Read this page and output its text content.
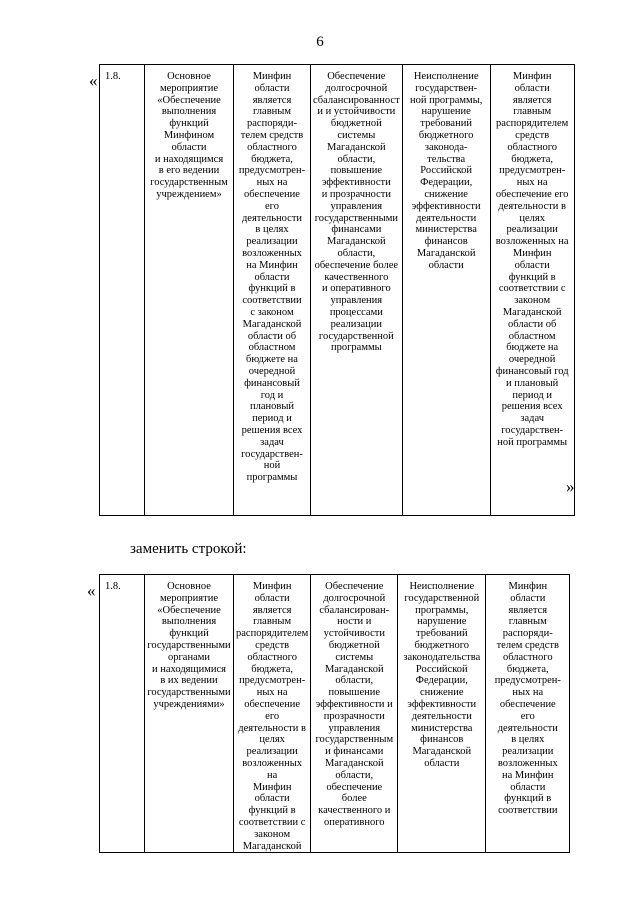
6
« 1.8.	Основное
мероприятие
«Обеспечение
выполнения функций
Минфином области
и находящимся
в его ведении
государственным
учреждением»

Минфин
области
является
главным
распоряди-
телем средств
областного
бюджета,
предусмотрен-
ных на
обеспечение
его
деятельности
в целях
реализации
возложенных
на Минфин
области
функций в
соответствии
с законом
Магаданской
области об
областном
бюджете на
очередной
финансовый
год и
плановый
период и
решения всех
задач
государствен-
ной
программы

Обеспечение
долгосрочной
сбалансированност
и и устойчивости
бюджетной
системы
Магаданской
области,
повышение
эффективности
и прозрачности
управления
государственными
финансами
Магаданской
области,
обеспечение более
качественного
и оперативного
управления
процессами
реализации
государственной
программы

Неисполнение
государствен-
ной программы,
нарушение
требований
бюджетного
законода-
тельства
Российской
Федерации,
снижение
эффективности
деятельности
министерства
финансов
Магаданской
области

Минфин
области
является
главным
распорядителем
средств
областного
бюджета,
предусмотрен-
ных на
обеспечение его
деятельности в
целях
реализации
возложенных на
Минфин
области
функций в
соответствии с
законом
Магаданской
области об
областном
бюджете на
очередной
финансовый год
и плановый
период и
решения всех
задач
государствен-
ной программы
»
заменить строкой:
« 1.8.	Основное
мероприятие
«Обеспечение
выполнения
функций
государственными
органами
и находящимися
в их ведении
государственными
учреждениями»

Минфин
области
является
главным
распорядителем
средств
областного
бюджета,
предусмотрен-
ных на
обеспечение его
деятельности в
целях
реализации
возложенных на
Минфин
области
функций в
соответствии с
законом
Магаданской

Обеспечение
долгосрочной
сбалансирован-
ности и
устойчивости
бюджетной
системы
Магаданской
области,
повышение
эффективности и
прозрачности
управления
государственным
и финансами
Магаданской
области,
обеспечение
более
качественного и
оперативного

Неисполнение
государственной
программы,
нарушение
требований
бюджетного
законодательства
Российской
Федерации,
снижение
эффективности
деятельности
министерства
финансов
Магаданской
области

Минфин
области
является
главным
распоряди-
телем средств
областного
бюджета,
предусмотрен-
ных на
обеспечение
его
деятельности
в целях
реализации
возложенных
на Минфин
области
функций в
соответствии
